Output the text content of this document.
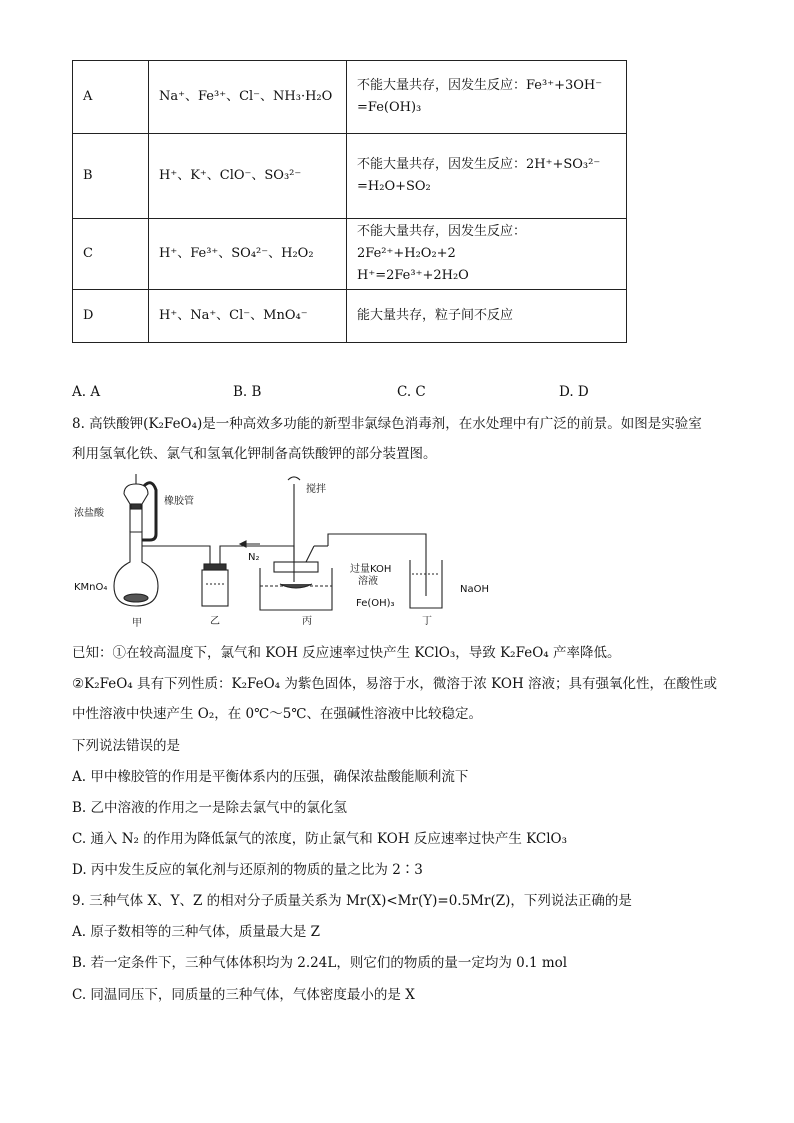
A	Na⁺、Fe³⁺、Cl⁻、NH₃·H₂O	不能大量共存，因发生反应：Fe³⁺+3OH⁻
=Fe(OH)₃

B	H⁺、K⁺、ClO⁻、SO₃²⁻	不能大量共存，因发生反应：2H⁺+SO₃²⁻
=H₂O+SO₂

C	H⁺、Fe³⁺、SO₄²⁻、H₂O₂	不能大量共存，因发生反应：2Fe²⁺+H₂O₂+2
H⁺=2Fe³⁺+2H₂O

D	H⁺、Na⁺、Cl⁻、MnO₄⁻	能大量共存，粒子间不反应
A. A	B. B	C. C	D. D
8. 高铁酸钾(K₂FeO₄)是一种高效多功能的新型非氯绿色消毒剂，在水处理中有广泛的前景。如图是实验室
利用氢氧化铁、氯气和氢氧化钾制备高铁酸钾的部分装置图。
浓盐酸
橡胶管
KMnO₄
甲	乙	丙	丁
搅拌
N₂
过量KOH
溶液
Fe(OH)₃
NaOH
已知：①在较高温度下，氯气和 KOH 反应速率过快产生 KClO₃，导致 K₂FeO₄ 产率降低。
②K₂FeO₄ 具有下列性质：K₂FeO₄ 为紫色固体，易溶于水，微溶于浓 KOH 溶液；具有强氧化性，在酸性或
中性溶液中快速产生 O₂，在 0℃～5℃、在强碱性溶液中比较稳定。
下列说法错误的是
A. 甲中橡胶管的作用是平衡体系内的压强，确保浓盐酸能顺利流下
B. 乙中溶液的作用之一是除去氯气中的氯化氢
C. 通入 N₂ 的作用为降低氯气的浓度，防止氯气和 KOH 反应速率过快产生 KClO₃
D. 丙中发生反应的氧化剂与还原剂的物质的量之比为 2∶3
9. 三种气体 X、Y、Z 的相对分子质量关系为 Mr(X)<Mr(Y)=0.5Mr(Z)，下列说法正确的是
A. 原子数相等的三种气体，质量最大是 Z
B. 若一定条件下，三种气体体积均为 2.24L，则它们的物质的量一定均为 0.1 mol
C. 同温同压下，同质量的三种气体，气体密度最小的是 X
